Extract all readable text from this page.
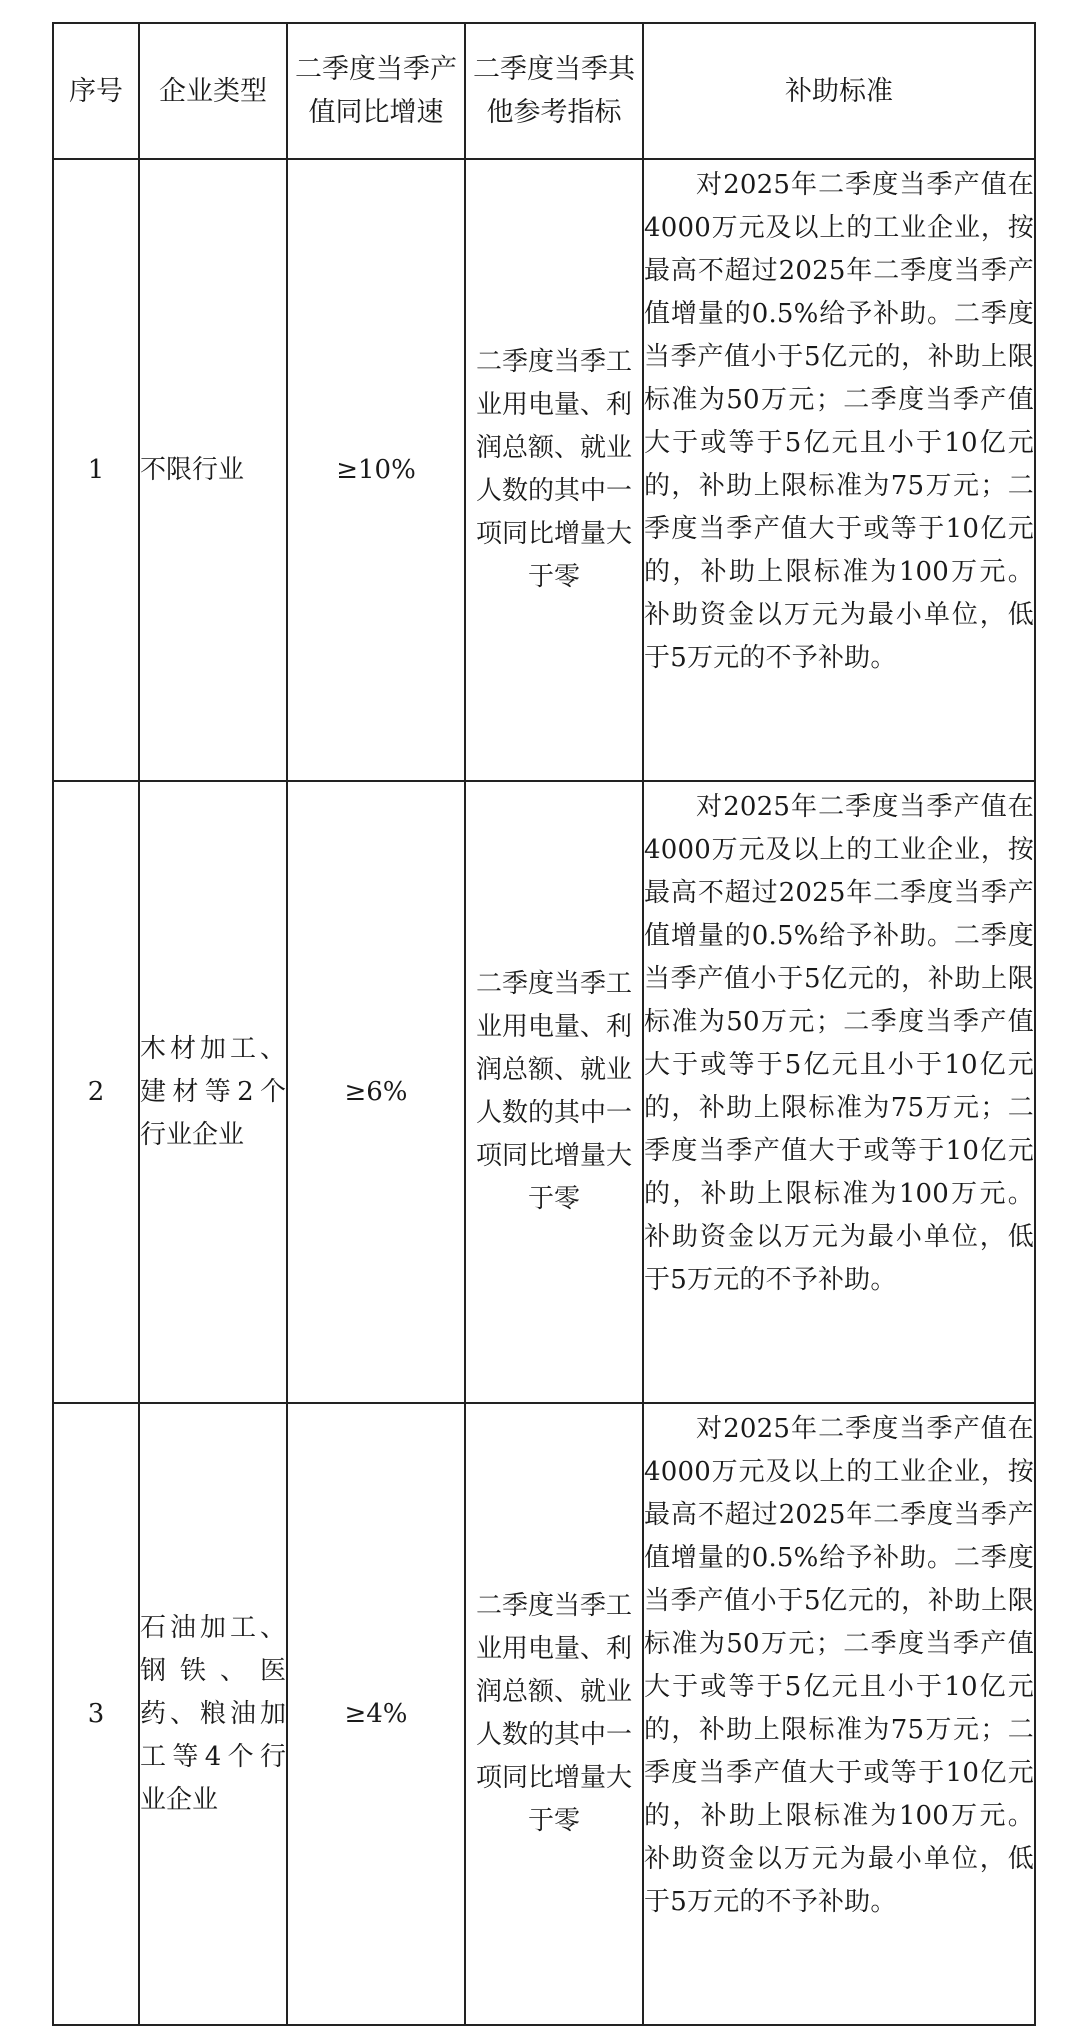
序号	企业类型	二季度当季产值同比增速	二季度当季其他参考指标	补助标准
1	不限行业	≥10%	二季度当季工业用电量、利润总额、就业人数的其中一项同比增量大于零	对2025年二季度当季产值在4000万元及以上的工业企业，按最高不超过2025年二季度当季产值增量的0.5%给予补助。二季度当季产值小于5亿元的，补助上限标准为50万元；二季度当季产值大于或等于5亿元且小于10亿元的，补助上限标准为75万元；二季度当季产值大于或等于10亿元的，补助上限标准为100万元。补助资金以万元为最小单位，低于5万元的不予补助。

2	木材加工、建材等2个行业企业	≥6%	二季度当季工业用电量、利润总额、就业人数的其中一项同比增量大于零	对2025年二季度当季产值在4000万元及以上的工业企业，按最高不超过2025年二季度当季产值增量的0.5%给予补助。二季度当季产值小于5亿元的，补助上限标准为50万元；二季度当季产值大于或等于5亿元且小于10亿元的，补助上限标准为75万元；二季度当季产值大于或等于10亿元的，补助上限标准为100万元。补助资金以万元为最小单位，低于5万元的不予补助。

3	石油加工、钢铁、医药、粮油加工等4个行业企业	≥4%	二季度当季工业用电量、利润总额、就业人数的其中一项同比增量大于零	对2025年二季度当季产值在4000万元及以上的工业企业，按最高不超过2025年二季度当季产值增量的0.5%给予补助。二季度当季产值小于5亿元的，补助上限标准为50万元；二季度当季产值大于或等于5亿元且小于10亿元的，补助上限标准为75万元；二季度当季产值大于或等于10亿元的，补助上限标准为100万元。补助资金以万元为最小单位，低于5万元的不予补助。
